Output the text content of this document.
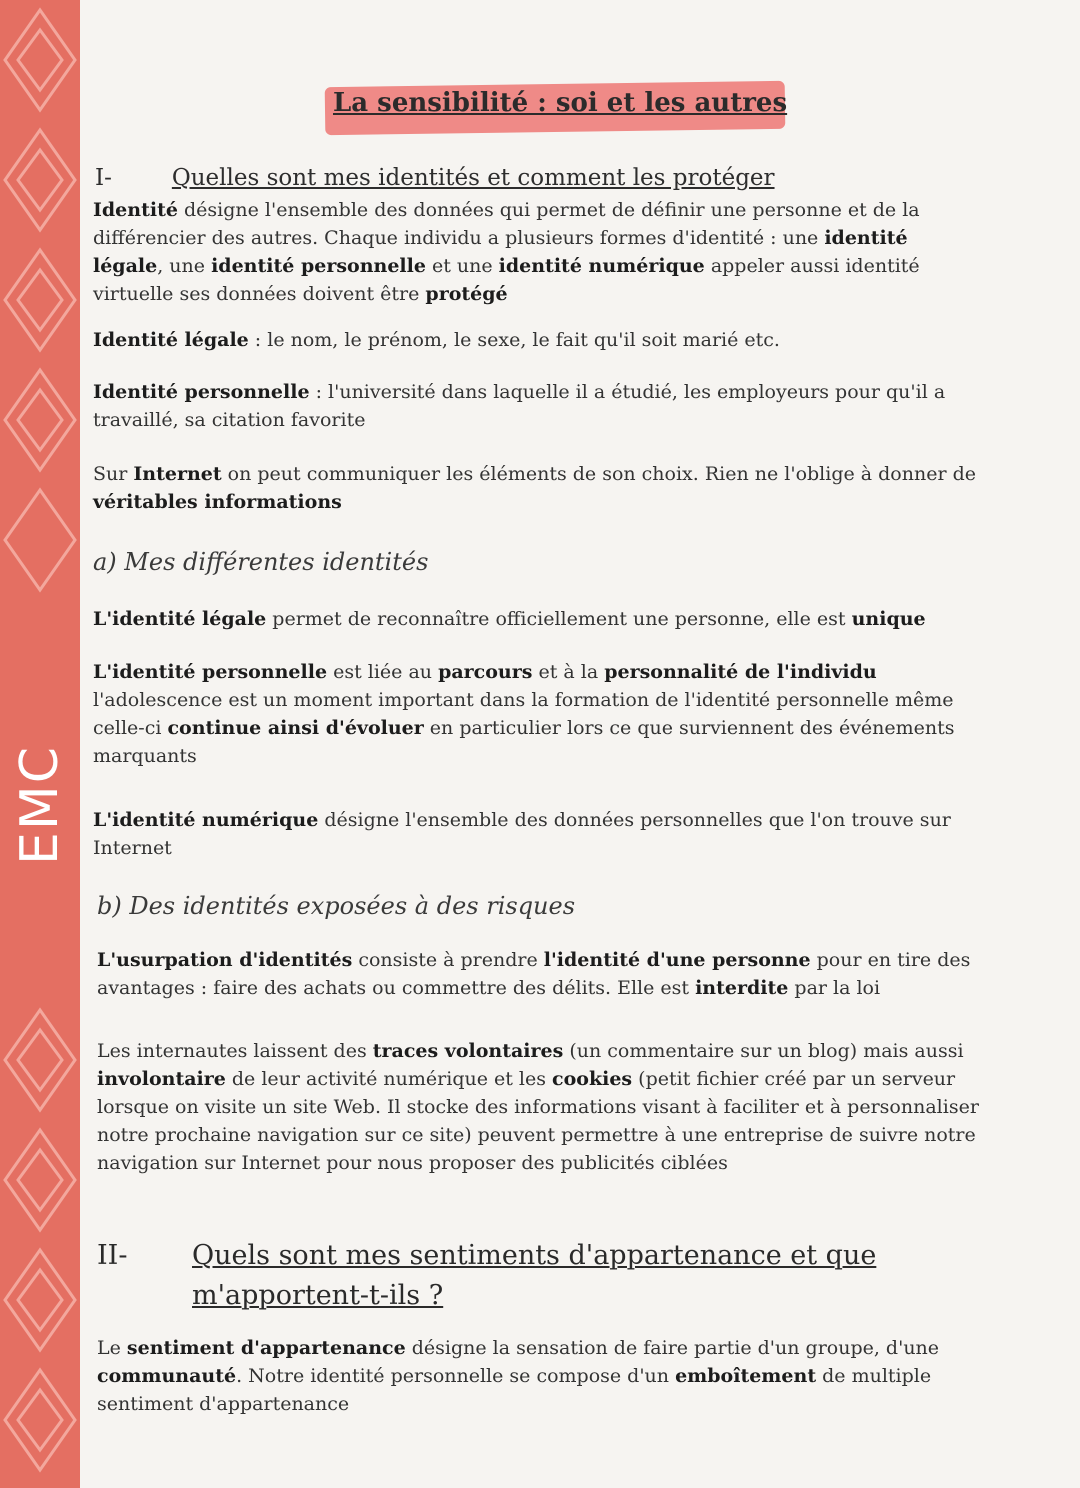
EMC
La sensibilité : soi et les autres
I-	Quelles sont mes identités et comment les protéger
Identité désigne l'ensemble des données qui permet de définir une personne et de la différencier des autres. Chaque individu a plusieurs formes d'identité : une identité légale, une identité personnelle et une identité numérique appeler aussi identité virtuelle ses données doivent être protégé
Identité légale : le nom, le prénom, le sexe, le fait qu'il soit marié etc.
Identité personnelle : l'université dans laquelle il a étudié, les employeurs pour qu'il a travaillé, sa citation favorite
Sur Internet on peut communiquer les éléments de son choix. Rien ne l'oblige à donner de véritables informations
a) Mes différentes identités
L'identité légale permet de reconnaître officiellement une personne, elle est unique
L'identité personnelle est liée au parcours et à la personnalité de l'individu l'adolescence est un moment important dans la formation de l'identité personnelle même celle-ci continue ainsi d'évoluer en particulier lors ce que surviennent des événements marquants
L'identité numérique désigne l'ensemble des données personnelles que l'on trouve sur Internet
b) Des identités exposées à des risques
L'usurpation d'identités consiste à prendre l'identité d'une personne pour en tire des avantages : faire des achats ou commettre des délits. Elle est interdite par la loi
Les internautes laissent des traces volontaires (un commentaire sur un blog) mais aussi involontaire de leur activité numérique et les cookies (petit fichier créé par un serveur lorsque on visite un site Web. Il stocke des informations visant à faciliter et à personnaliser notre prochaine navigation sur ce site) peuvent permettre à une entreprise de suivre notre navigation sur Internet pour nous proposer des publicités ciblées
II- Quels sont mes sentiments d'appartenance et que m'apportent-t-ils ?
Le sentiment d'appartenance désigne la sensation de faire partie d'un groupe, d'une communauté. Notre identité personnelle se compose d'un emboîtement de multiple sentiment d'appartenance
